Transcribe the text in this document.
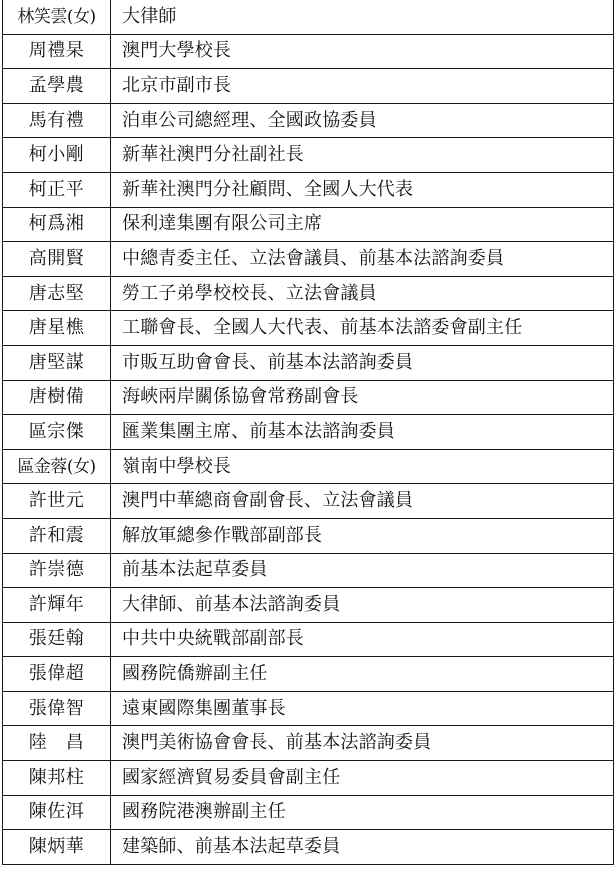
林笑雲(女)	大律師
周禮杲	澳門大學校長
孟學農	北京市副市長
馬有禮	泊車公司總經理、全國政協委員
柯小剛	新華社澳門分社副社長
柯正平	新華社澳門分社顧問、全國人大代表
柯爲湘	保利達集團有限公司主席
高開賢	中總青委主任、立法會議員、前基本法諮詢委員
唐志堅	勞工子弟學校校長、立法會議員
唐星樵	工聯會長、全國人大代表、前基本法諮委會副主任
唐堅謀	市販互助會會長、前基本法諮詢委員
唐樹備	海峽兩岸關係協會常務副會長
區宗傑	匯業集團主席、前基本法諮詢委員
區金蓉(女)	嶺南中學校長
許世元	澳門中華總商會副會長、立法會議員
許和震	解放軍總參作戰部副部長
許崇德	前基本法起草委員
許輝年	大律師、前基本法諮詢委員
張廷翰	中共中央統戰部副部長
張偉超	國務院僑辦副主任
張偉智	遠東國際集團董事長
陸　昌	澳門美術協會會長、前基本法諮詢委員
陳邦柱	國家經濟貿易委員會副主任
陳佐洱	國務院港澳辦副主任
陳炳華	建築師、前基本法起草委員
